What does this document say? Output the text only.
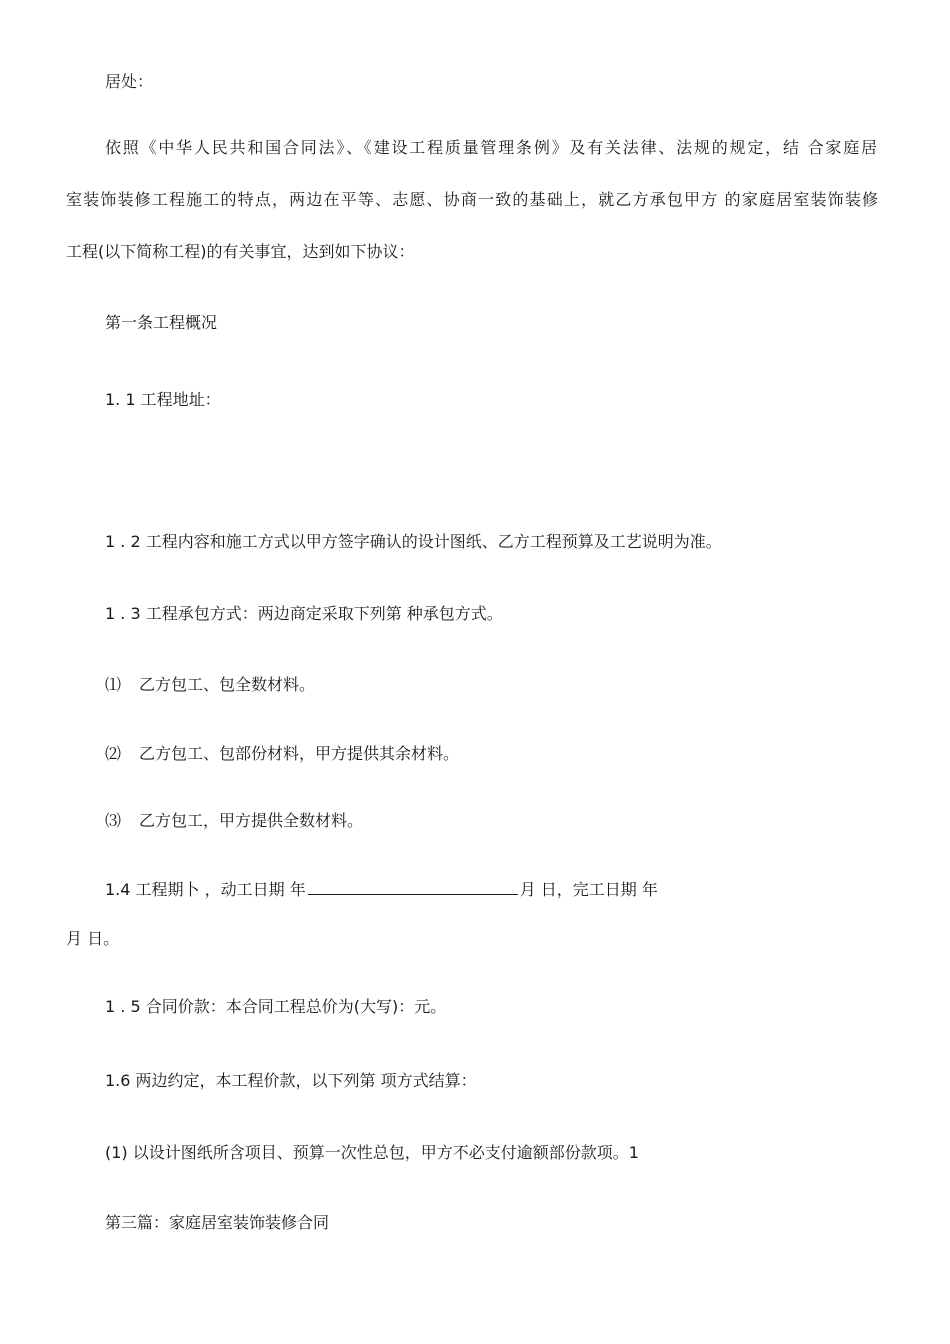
居处：
依照《中华人民共和国合同法》、《建设工程质量管理条例》及有关法律、法规的规定，结 合家庭居
室装饰装修工程施工的特点，两边在平等、志愿、协商一致的基础上，就乙方承包甲方 的家庭居室装饰装修
工程(以下简称工程)的有关事宜，达到如下协议：
第一条工程概况
1. 1 工程地址：
1 . 2 工程内容和施工方式以甲方签字确认的设计图纸、乙方工程预算及工艺说明为准。
1 . 3 工程承包方式：两边商定采取下列第 种承包方式。
⑴ 乙方包工、包全数材料。
⑵ 乙方包工、包部份材料，甲方提供其余材料。
⑶ 乙方包工，甲方提供全数材料。
1.4 工程期卜 ，动工日期 年	月 日，完工日期 年
月 日。
1 . 5 合同价款：本合同工程总价为(大写)：元。
1.6 两边约定，本工程价款，以下列第 项方式结算：
(1) 以设计图纸所含项目、预算一次性总包，甲方不必支付逾额部份款项。1
第三篇：家庭居室装饰装修合同
